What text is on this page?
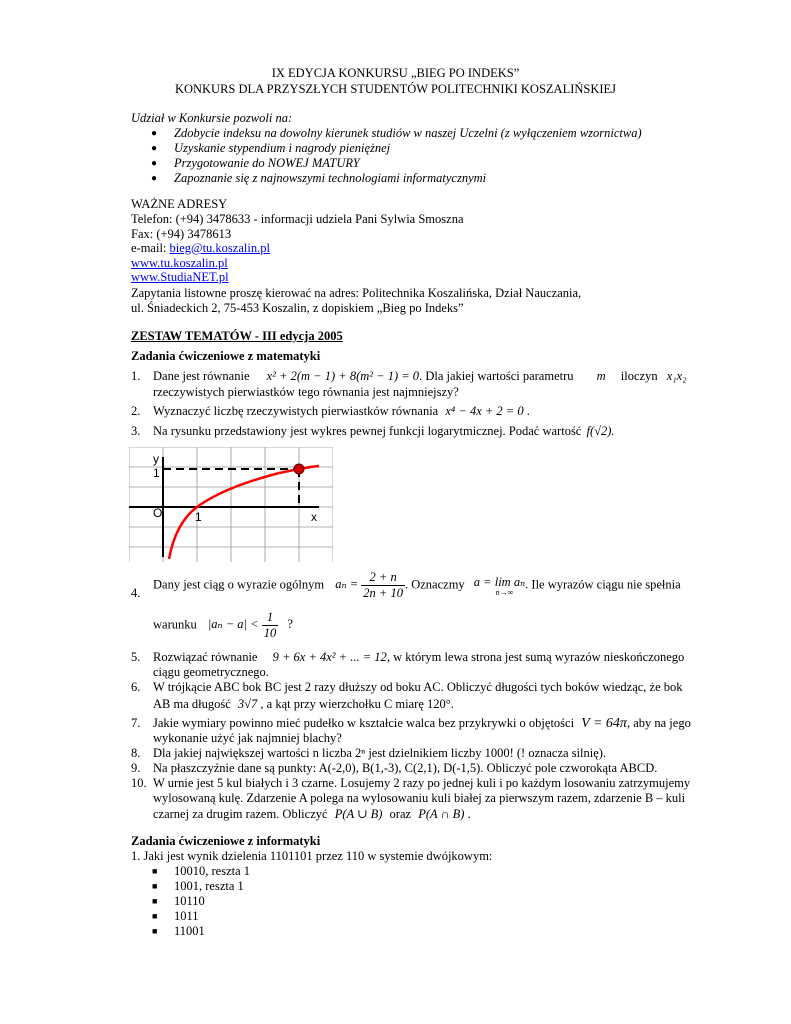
IX EDYCJA KONKURSU „BIEG PO INDEKS”
KONKURS DLA PRZYSZŁYCH STUDENTÓW POLITECHNIKI KOSZALIŃSKIEJ
Udział w Konkursie pozwoli na:
● Zdobycie indeksu na dowolny kierunek studiów w naszej Uczelni (z wyłączeniem wzornictwa)
● Uzyskanie stypendium i nagrody pieniężnej
● Przygotowanie do NOWEJ MATURY
● Zapoznanie się z najnowszymi technologiami informatycznymi
WAŻNE ADRESY
Telefon: (+94) 3478633 - informacji udziela Pani Sylwia Smoszna
Fax: (+94) 3478613
e-mail: bieg@tu.koszalin.pl
www.tu.koszalin.pl
www.StudiaNET.pl
Zapytania listowne proszę kierować na adres: Politechnika Koszalińska, Dział Nauczania,
ul. Śniadeckich 2, 75-453 Koszalin, z dopiskiem „Bieg po Indeks”
ZESTAW TEMATÓW - III edycja 2005
Zadania ćwiczeniowe z matematyki
1. Dane jest równanie x² + 2(m − 1) + 8(m² − 1) = 0. Dla jakiej wartości parametru m iloczyn x₁x₂
rzeczywistych pierwiastków tego równania jest najmniejszy?
2. Wyznaczyć liczbę rzeczywistych pierwiastków równania x⁴ − 4x + 2 = 0 .
3. Na rysunku przedstawiony jest wykres pewnej funkcji logarytmicznej. Podać wartość f(√2).
y
1
O	1	x
4.
Dany jest ciąg o wyrazie ogólnym $a_n = \frac{2 + n}{2n + 10}$ . Oznaczmy a = lim aₙ
n→∞
. Ile wyrazów ciągu nie spełnia
warunku $|a_n - a| < \frac{1}{10}$ ?
5. Rozwiązać równanie 9 + 6x + 4x² + ... = 12, w którym lewa strona jest sumą wyrazów nieskończonego
ciągu geometrycznego.
6. W trójkącie ABC bok BC jest 2 razy dłuższy od boku AC. Obliczyć długości tych boków wiedząc, że bok
AB ma długość 3√7 , a kąt przy wierzchołku C miarę 120°.
7. Jakie wymiary powinno mieć pudełko w kształcie walca bez przykrywki o objętości V = 64π, aby na jego
wykonanie użyć jak najmniej blachy?
8. Dla jakiej największej wartości n liczba 2ⁿ jest dzielnikiem liczby 1000! (! oznacza silnię).
9. Na płaszczyźnie dane są punkty: A(-2,0), B(1,-3), C(2,1), D(-1,5). Obliczyć pole czworokąta ABCD.
10. W urnie jest 5 kul białych i 3 czarne. Losujemy 2 razy po jednej kuli i po każdym losowaniu zatrzymujemy
wylosowaną kulę. Zdarzenie A polega na wylosowaniu kuli białej za pierwszym razem, zdarzenie B – kuli
czarnej za drugim razem. Obliczyć P(A ∪ B) oraz P(A ∩ B) .
Zadania ćwiczeniowe z informatyki
1. Jaki jest wynik dzielenia 1101101 przez 110 w systemie dwójkowym:
■ 10010, reszta 1
■ 1001, reszta 1
■ 10110
■ 1011
■ 11001
